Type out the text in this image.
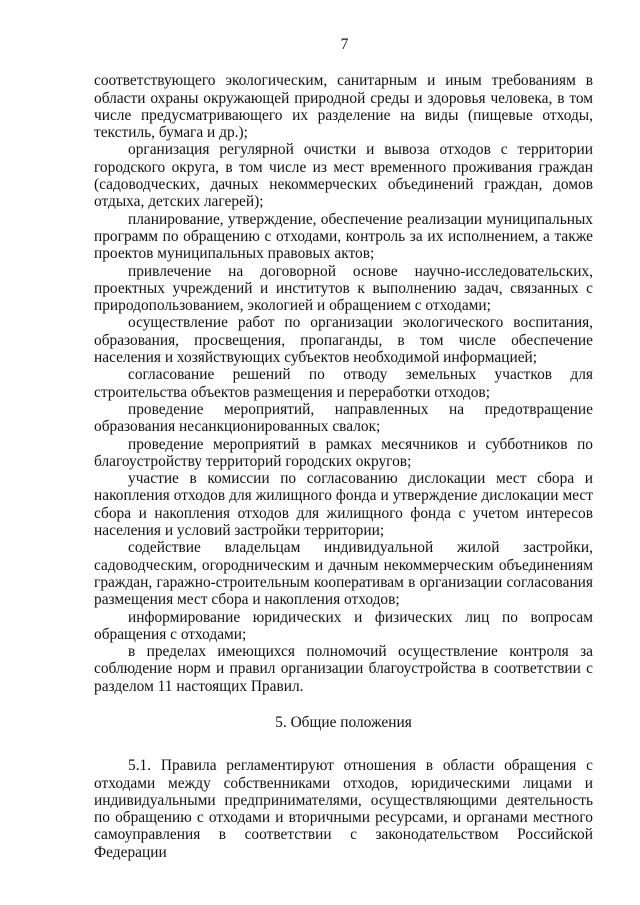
7

соответствующего экологическим, санитарным и иным требованиям в области охраны окружающей природной среды и здоровья человека, в том числе предусматривающего их разделение на виды (пищевые отходы, текстиль, бумага и др.);

организация регулярной очистки и вывоза отходов с территории городского округа, в том числе из мест временного проживания граждан (садоводческих, дачных некоммерческих объединений граждан, домов отдыха, детских лагерей);

планирование, утверждение, обеспечение реализации муниципальных программ по обращению с отходами, контроль за их исполнением, а также проектов муниципальных правовых актов;

привлечение на договорной основе научно-исследовательских, проектных учреждений и институтов к выполнению задач, связанных с природопользованием, экологией и обращением с отходами;

осуществление работ по организации экологического воспитания, образования, просвещения, пропаганды, в том числе обеспечение населения и хозяйствующих субъектов необходимой информацией;

согласование решений по отводу земельных участков для строительства объектов размещения и переработки отходов;

проведение мероприятий, направленных на предотвращение образования несанкционированных свалок;

проведение мероприятий в рамках месячников и субботников по благоустройству территорий городских округов;

участие в комиссии по согласованию дислокации мест сбора и накопления отходов для жилищного фонда и утверждение дислокации мест сбора и накопления отходов для жилищного фонда с учетом интересов населения и условий застройки территории;

содействие владельцам индивидуальной жилой застройки, садоводческим, огородническим и дачным некоммерческим объединениям граждан, гаражно-строительным кооперативам в организации согласования размещения мест сбора и накопления отходов;

информирование юридических и физических лиц по вопросам обращения с отходами;

в пределах имеющихся полномочий осуществление контроля за соблюдение норм и правил организации благоустройства в соответствии с разделом 11 настоящих Правил.

5. Общие положения

5.1. Правила регламентируют отношения в области обращения с отходами между собственниками отходов, юридическими лицами и индивидуальными предпринимателями, осуществляющими деятельность по обращению с отходами и вторичными ресурсами, и органами местного самоуправления в соответствии с законодательством Российской Федерации
